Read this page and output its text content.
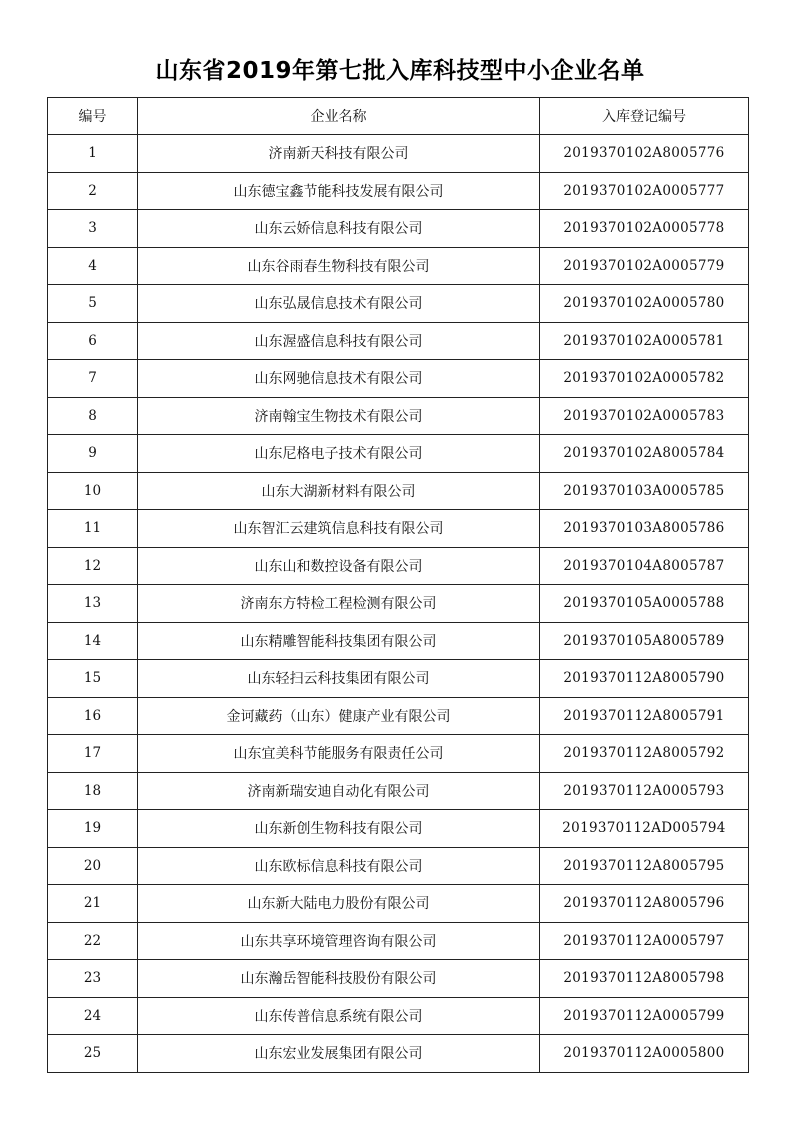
山东省2019年第七批入库科技型中小企业名单
编号	企业名称	入库登记编号
1	济南新天科技有限公司	2019370102A8005776
2	山东德宝鑫节能科技发展有限公司	2019370102A0005777
3	山东云娇信息科技有限公司	2019370102A0005778
4	山东谷雨春生物科技有限公司	2019370102A0005779
5	山东弘晟信息技术有限公司	2019370102A0005780
6	山东渥盛信息科技有限公司	2019370102A0005781
7	山东网驰信息技术有限公司	2019370102A0005782
8	济南翰宝生物技术有限公司	2019370102A0005783
9	山东尼格电子技术有限公司	2019370102A8005784
10	山东大湖新材料有限公司	2019370103A0005785
11	山东智汇云建筑信息科技有限公司	2019370103A8005786
12	山东山和数控设备有限公司	2019370104A8005787
13	济南东方特检工程检测有限公司	2019370105A0005788
14	山东精雕智能科技集团有限公司	2019370105A8005789
15	山东轻扫云科技集团有限公司	2019370112A8005790
16	金诃藏药（山东）健康产业有限公司	2019370112A8005791
17	山东宜美科节能服务有限责任公司	2019370112A8005792
18	济南新瑞安迪自动化有限公司	2019370112A0005793
19	山东新创生物科技有限公司	2019370112AD005794
20	山东欧标信息科技有限公司	2019370112A8005795
21	山东新大陆电力股份有限公司	2019370112A8005796
22	山东共享环境管理咨询有限公司	2019370112A0005797
23	山东瀚岳智能科技股份有限公司	2019370112A8005798
24	山东传普信息系统有限公司	2019370112A0005799
25	山东宏业发展集团有限公司	2019370112A0005800
